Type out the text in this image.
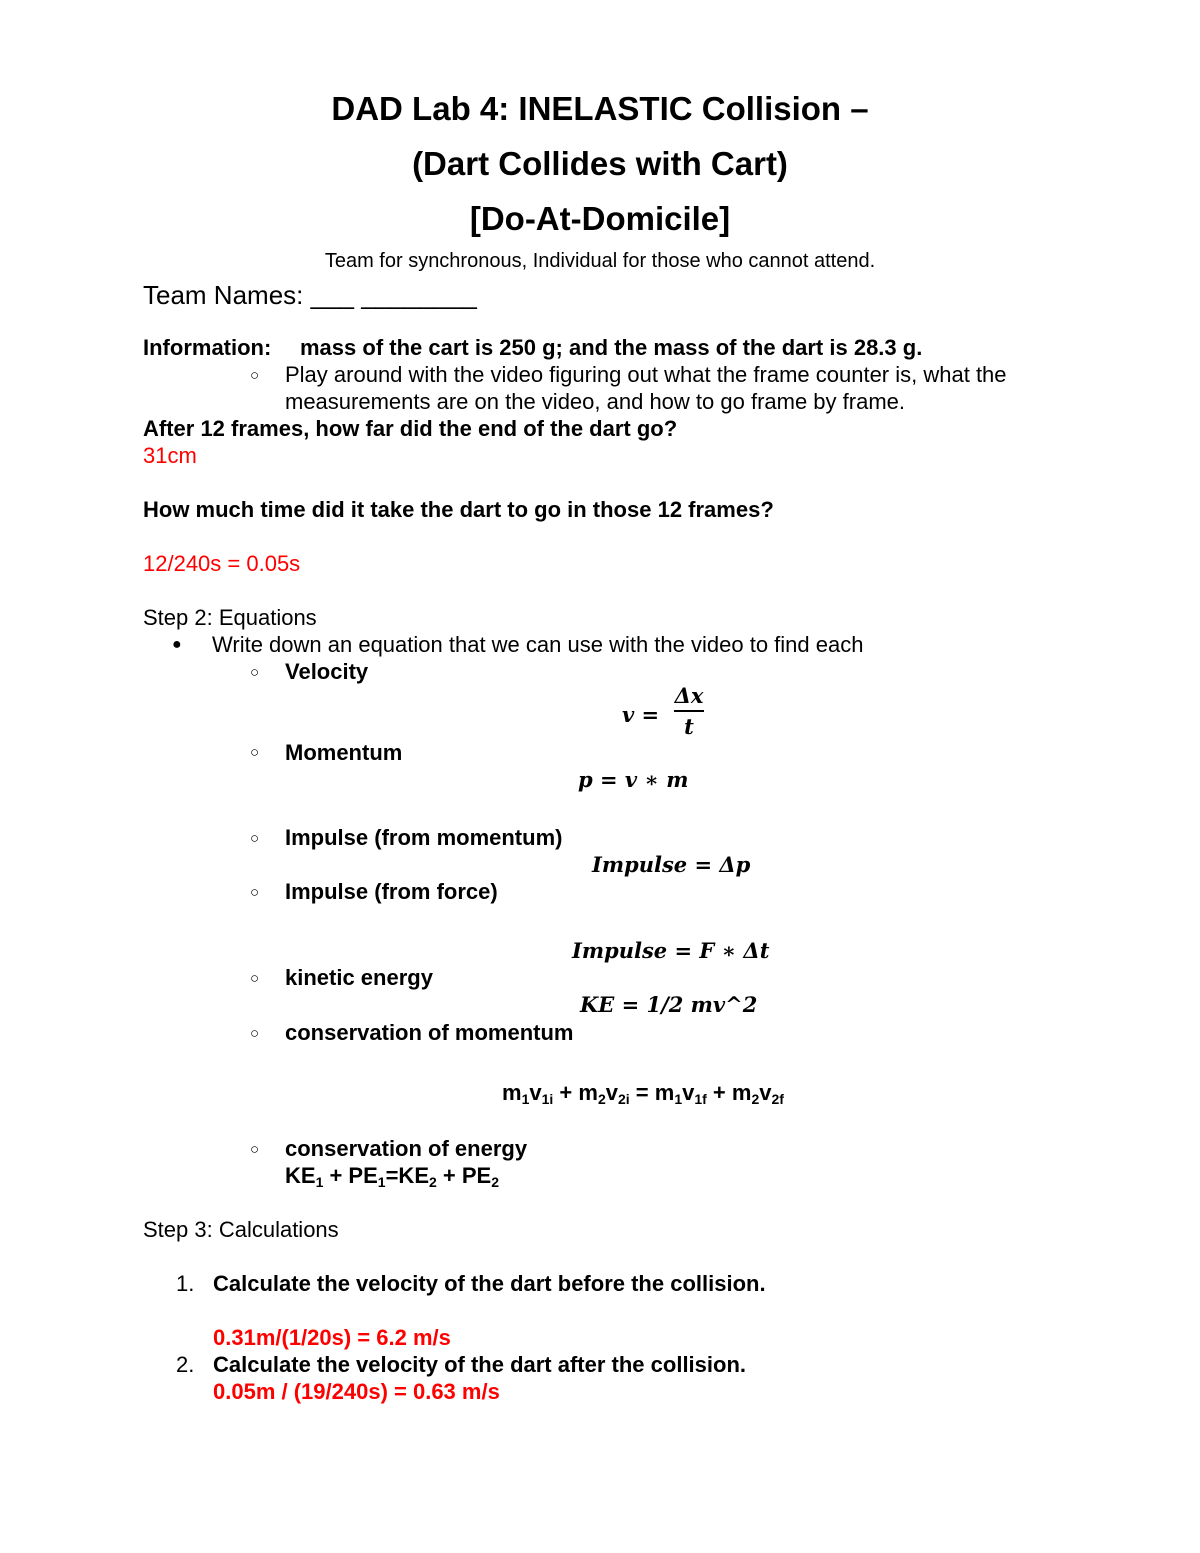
DAD Lab 4: INELASTIC Collision –
(Dart Collides with Cart)
[Do-At-Domicile]
Team for synchronous, Individual for those who cannot attend.
Team Names: ___ ________
Information: mass of the cart is 250 g; and the mass of the dart is 28.3 g.
○ Play around with the video figuring out what the frame counter is, what the
measurements are on the video, and how to go frame by frame.
After 12 frames, how far did the end of the dart go?
31cm
How much time did it take the dart to go in those 12 frames?
12/240s = 0.05s
Step 2: Equations
● Write down an equation that we can use with the video to find each
○ Velocity
v =
Δx
t
○ Momentum
p = v ∗ m
○ Impulse (from momentum)
Impulse = Δp
○ Impulse (from force)
Impulse = F ∗ Δt
○ kinetic energy
KE = 1/2 mv^2
○ conservation of momentum
$m_1v_{1i} + m_2v_{2i} = m_1v_{1f} + m_2v_{2f}$
○ conservation of energy
$KE_1 + PE_1=KE_2 + PE_2$
Step 3: Calculations
1. Calculate the velocity of the dart before the collision.
0.31m/(1/20s) = 6.2 m/s
2. Calculate the velocity of the dart after the collision.
0.05m / (19/240s) = 0.63 m/s
